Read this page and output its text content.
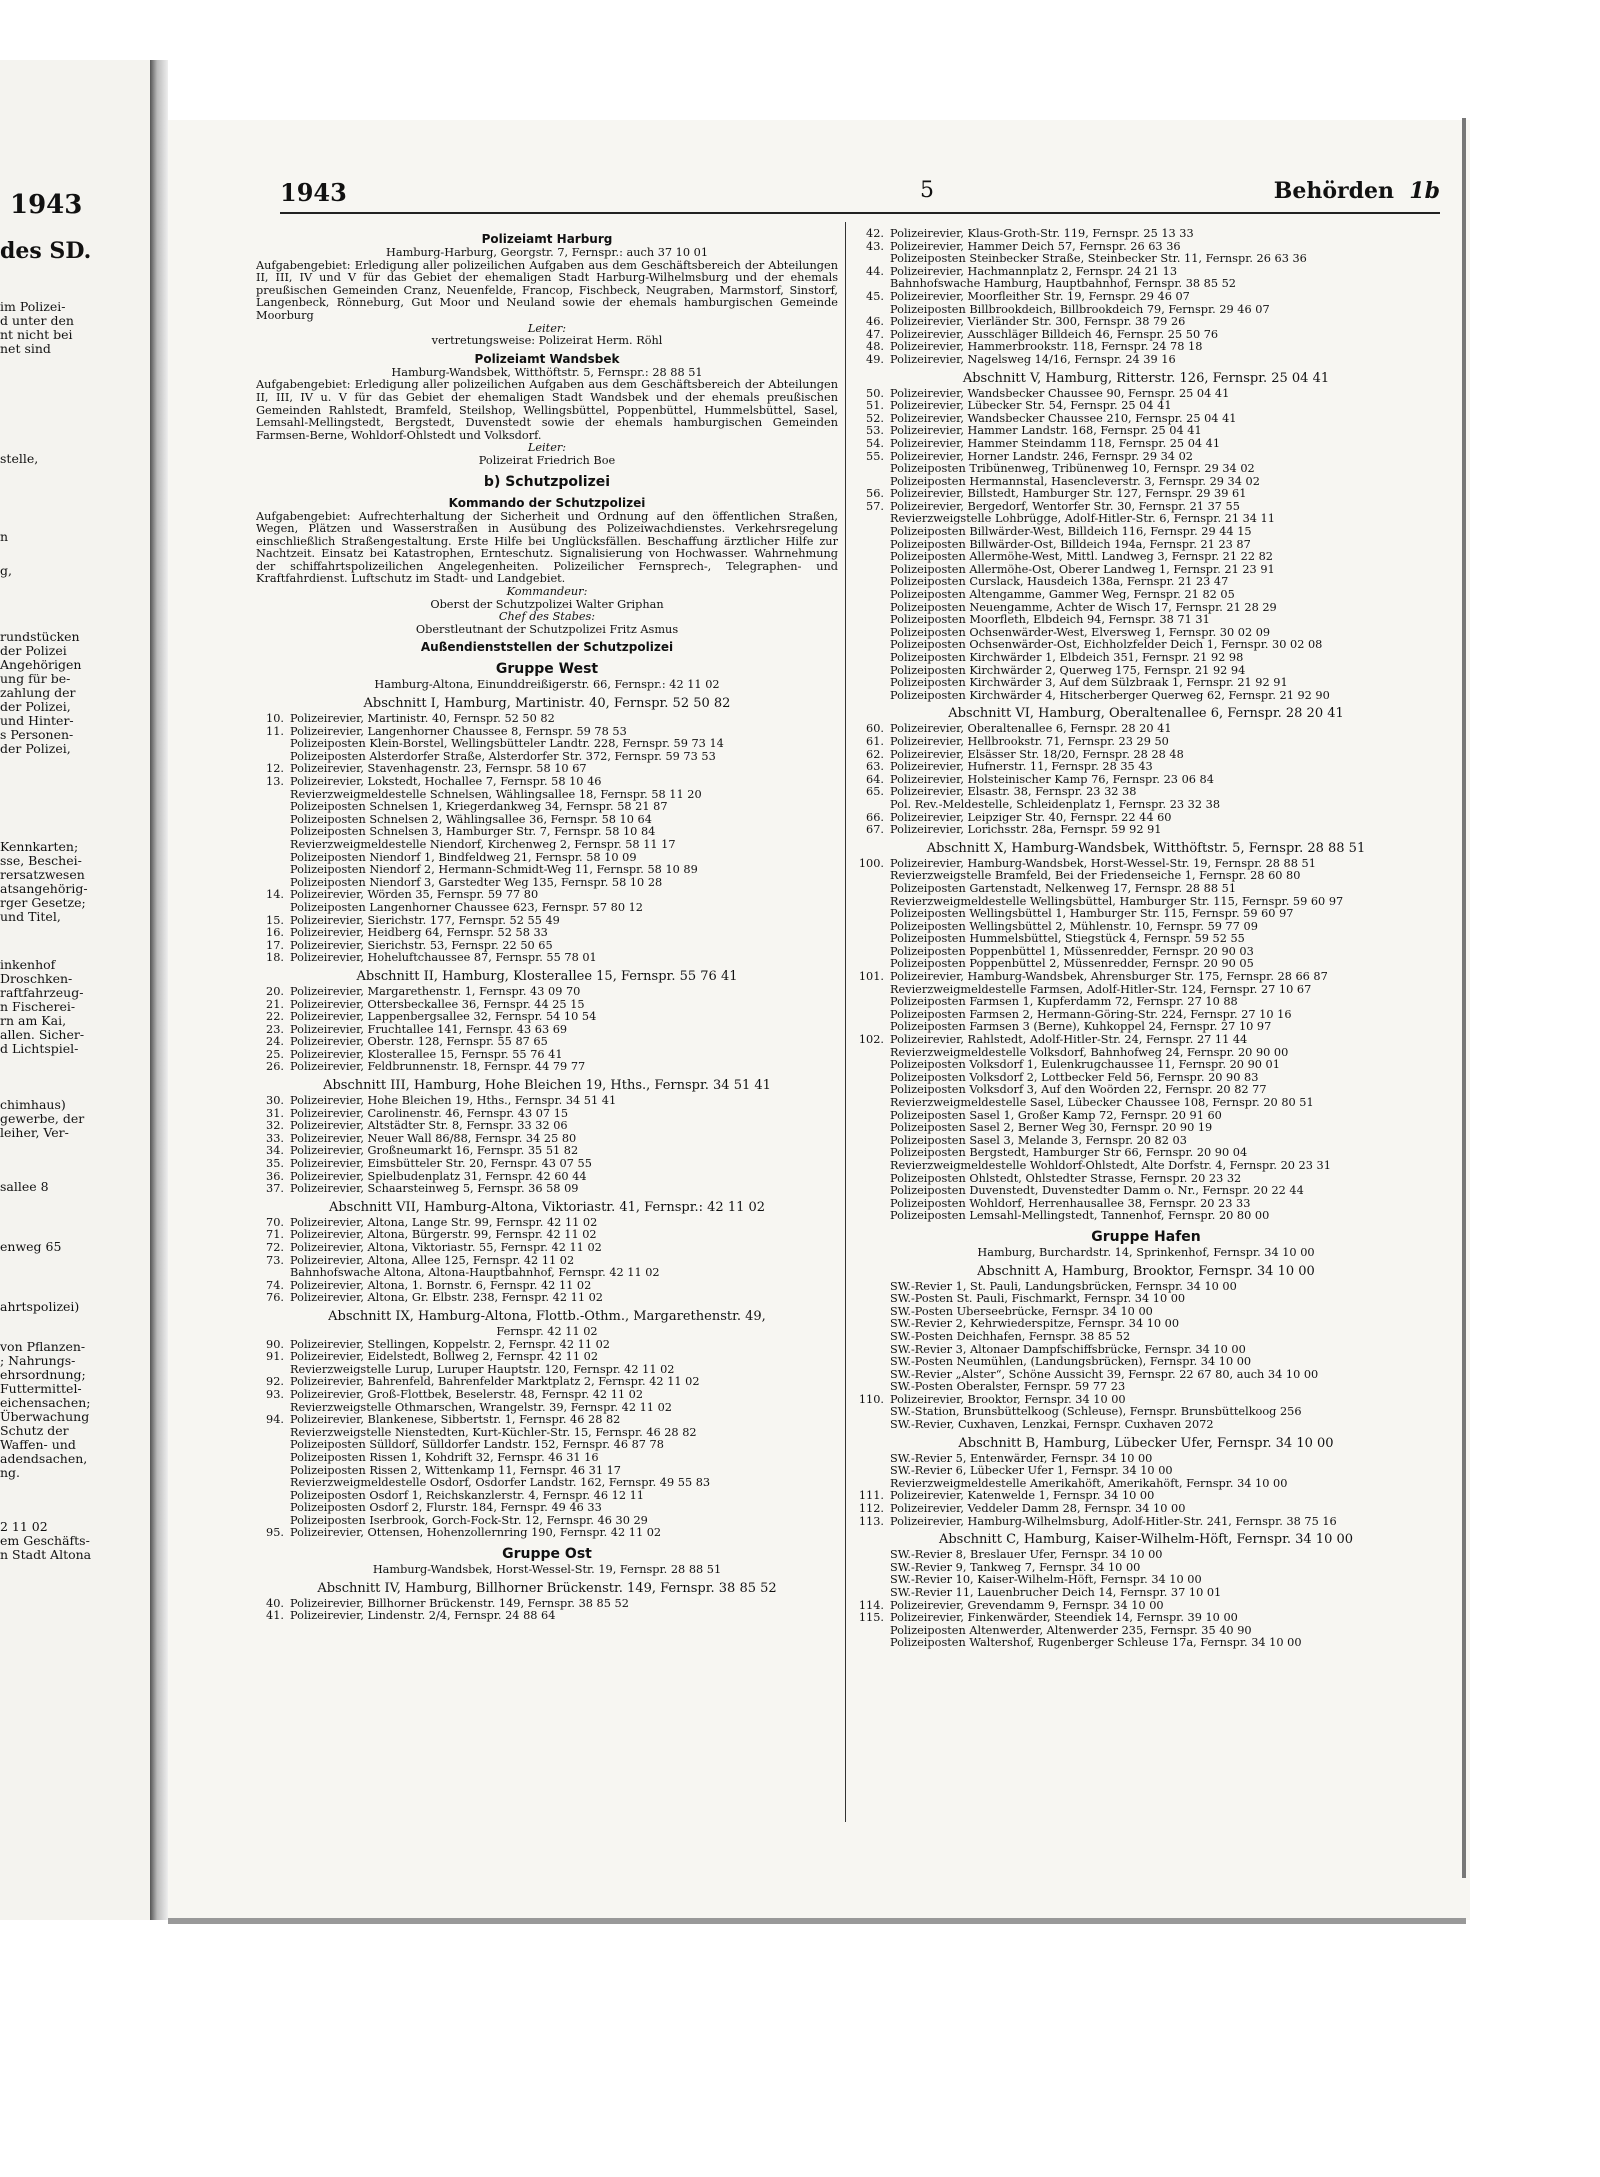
1943
des SD.
im Polizei-
d unter den
nt nicht bei
net sind
stelle,
n
g,
rundstücken
der Polizei
Angehörigen
ung für be-
zahlung der
der Polizei,
und Hinter-
s Personen-
der Polizei,
Kennkarten;
sse, Beschei-
rersatzwesen
atsangehörig-
rger Gesetze;
und Titel,
inkenhof
Droschken-
raftfahrzeug-
n Fischerei-
rn am Kai,
allen. Sicher-
d Lichtspiel-
chimhaus)
gewerbe, der
leiher, Ver-
sallee 8
enweg 65
ahrtspolizei)
von Pflanzen-
; Nahrungs-
ehrsordnung;
Futtermittel-
eichensachen;
Überwachung
Schutz der
Waffen- und
adendsachen,
ng.
2 11 02
em Geschäfts-
n Stadt Altona
1943	5	Behörden 1b
Polizeiamt Harburg
Hamburg-Harburg, Georgstr. 7, Fernspr.: auch 37 10 01
Aufgabengebiet: Erledigung aller polizeilichen Aufgaben aus dem Geschäftsbereich der Abteilungen II, III, IV und V für das Gebiet der ehemaligen Stadt Harburg-Wilhelmsburg und der ehemals preußischen Gemeinden Cranz, Neuenfelde, Francop, Fischbeck, Neugraben, Marmstorf, Sinstorf, Langenbeck, Rönneburg, Gut Moor und Neuland sowie der ehemals hamburgischen Gemeinde Moorburg
Leiter:
vertretungsweise: Polizeirat Herm. Röhl
Polizeiamt Wandsbek
Hamburg-Wandsbek, Witthöftstr. 5, Fernspr.: 28 88 51
Aufgabengebiet: Erledigung aller polizeilichen Aufgaben aus dem Geschäftsbereich der Abteilungen II, III, IV u. V für das Gebiet der ehemaligen Stadt Wandsbek und der ehemals preußischen Gemeinden Rahlstedt, Bramfeld, Steilshop, Wellingsbüttel, Poppenbüttel, Hummelsbüttel, Sasel, Lemsahl-Mellingstedt, Bergstedt, Duvenstedt sowie der ehemals hamburgischen Gemeinden Farmsen-Berne, Wohldorf-Ohlstedt und Volksdorf.
Leiter:
Polizeirat Friedrich Boe
b) Schutzpolizei
Kommando der Schutzpolizei
Aufgabengebiet: Aufrechterhaltung der Sicherheit und Ordnung auf den öffentlichen Straßen, Wegen, Plätzen und Wasserstraßen in Ausübung des Polizeiwachdienstes. Verkehrsregelung einschließlich Straßengestaltung. Erste Hilfe bei Unglücksfällen. Beschaffung ärztlicher Hilfe zur Nachtzeit. Einsatz bei Katastrophen, Ernteschutz. Signalisierung von Hochwasser. Wahrnehmung der schiffahrtspolizeilichen Angelegenheiten. Polizeilicher Fernsprech-, Telegraphen- und Kraftfahrdienst. Luftschutz im Stadt- und Landgebiet.
Kommandeur:
Oberst der Schutzpolizei Walter Griphan
Chef des Stabes:
Oberstleutnant der Schutzpolizei Fritz Asmus
Außendienststellen der Schutzpolizei
Gruppe West
Hamburg-Altona, Einunddreißigerstr. 66, Fernspr.: 42 11 02
Abschnitt I, Hamburg, Martinistr. 40, Fernspr. 52 50 82
10. Polizeirevier, Martinistr. 40, Fernspr. 52 50 82
11. Polizeirevier, Langenhorner Chaussee 8, Fernspr. 59 78 53
Polizeiposten Klein-Borstel, Wellingsbütteler Landtr. 228, Fernspr. 59 73 14
Polizeiposten Alsterdorfer Straße, Alsterdorfer Str. 372, Fernspr. 59 73 53
12. Polizeirevier, Stavenhagenstr. 23, Fernspr. 58 10 67
13. Polizeirevier, Lokstedt, Hochallee 7, Fernspr. 58 10 46
Revierzweigmeldestelle Schnelsen, Wählingsallee 18, Fernspr. 58 11 20
Polizeiposten Schnelsen 1, Kriegerdankweg 34, Fernspr. 58 21 87
Polizeiposten Schnelsen 2, Wählingsallee 36, Fernspr. 58 10 64
Polizeiposten Schnelsen 3, Hamburger Str. 7, Fernspr. 58 10 84
Revierzweigmeldestelle Niendorf, Kirchenweg 2, Fernspr. 58 11 17
Polizeiposten Niendorf 1, Bindfeldweg 21, Fernspr. 58 10 09
Polizeiposten Niendorf 2, Hermann-Schmidt-Weg 11, Fernspr. 58 10 89
Polizeiposten Niendorf 3, Garstedter Weg 135, Fernspr. 58 10 28
14. Polizeirevier, Wörden 35, Fernspr. 59 77 80
Polizeiposten Langenhorner Chaussee 623, Fernspr. 57 80 12
15. Polizeirevier, Sierichstr. 177, Fernspr. 52 55 49
16. Polizeirevier, Heidberg 64, Fernspr. 52 58 33
17. Polizeirevier, Sierichstr. 53, Fernspr. 22 50 65
18. Polizeirevier, Hoheluftchaussee 87, Fernspr. 55 78 01
Abschnitt II, Hamburg, Klosterallee 15, Fernspr. 55 76 41
20. Polizeirevier, Margarethenstr. 1, Fernspr. 43 09 70
21. Polizeirevier, Ottersbeckallee 36, Fernspr. 44 25 15
22. Polizeirevier, Lappenbergsallee 32, Fernspr. 54 10 54
23. Polizeirevier, Fruchtallee 141, Fernspr. 43 63 69
24. Polizeirevier, Oberstr. 128, Fernspr. 55 87 65
25. Polizeirevier, Klosterallee 15, Fernspr. 55 76 41
26. Polizeirevier, Feldbrunnenstr. 18, Fernspr. 44 79 77
Abschnitt III, Hamburg, Hohe Bleichen 19, Hths., Fernspr. 34 51 41
30. Polizeirevier, Hohe Bleichen 19, Hths., Fernspr. 34 51 41
31. Polizeirevier, Carolinenstr. 46, Fernspr. 43 07 15
32. Polizeirevier, Altstädter Str. 8, Fernspr. 33 32 06
33. Polizeirevier, Neuer Wall 86/88, Fernspr. 34 25 80
34. Polizeirevier, Großneumarkt 16, Fernspr. 35 51 82
35. Polizeirevier, Eimsbütteler Str. 20, Fernspr. 43 07 55
36. Polizeirevier, Spielbudenplatz 31, Fernspr. 42 60 44
37. Polizeirevier, Schaarsteinweg 5, Fernspr. 36 58 09
Abschnitt VII, Hamburg-Altona, Viktoriastr. 41, Fernspr.: 42 11 02
70. Polizeirevier, Altona, Lange Str. 99, Fernspr. 42 11 02
71. Polizeirevier, Altona, Bürgerstr. 99, Fernspr. 42 11 02
72. Polizeirevier, Altona, Viktoriastr. 55, Fernspr. 42 11 02
73. Polizeirevier, Altona, Allee 125, Fernspr. 42 11 02
Bahnhofswache Altona, Altona-Hauptbahnhof, Fernspr. 42 11 02
74. Polizeirevier, Altona, 1. Bornstr. 6, Fernspr. 42 11 02
76. Polizeirevier, Altona, Gr. Elbstr. 238, Fernspr. 42 11 02
Abschnitt IX, Hamburg-Altona, Flottb.-Othm., Margarethenstr. 49,
Fernspr. 42 11 02
90. Polizeirevier, Stellingen, Koppelstr. 2, Fernspr. 42 11 02
91. Polizeirevier, Eidelstedt, Bollweg 2, Fernspr. 42 11 02
Revierzweigstelle Lurup, Luruper Hauptstr. 120, Fernspr. 42 11 02
92. Polizeirevier, Bahrenfeld, Bahrenfelder Marktplatz 2, Fernspr. 42 11 02
93. Polizeirevier, Groß-Flottbek, Beselerstr. 48, Fernspr. 42 11 02
Revierzweigstelle Othmarschen, Wrangelstr. 39, Fernspr. 42 11 02
94. Polizeirevier, Blankenese, Sibbertstr. 1, Fernspr. 46 28 82
Revierzweigstelle Nienstedten, Kurt-Küchler-Str. 15, Fernspr. 46 28 82
Polizeiposten Sülldorf, Sülldorfer Landstr. 152, Fernspr. 46 87 78
Polizeiposten Rissen 1, Kohdrift 32, Fernspr. 46 31 16
Polizeiposten Rissen 2, Wittenkamp 11, Fernspr. 46 31 17
Revierzweigmeldestelle Osdorf, Osdorfer Landstr. 162, Fernspr. 49 55 83
Polizeiposten Osdorf 1, Reichskanzlerstr. 4, Fernspr. 46 12 11
Polizeiposten Osdorf 2, Flurstr. 184, Fernspr. 49 46 33
Polizeiposten Iserbrook, Gorch-Fock-Str. 12, Fernspr. 46 30 29
95. Polizeirevier, Ottensen, Hohenzollernring 190, Fernspr. 42 11 02
Gruppe Ost
Hamburg-Wandsbek, Horst-Wessel-Str. 19, Fernspr. 28 88 51
Abschnitt IV, Hamburg, Billhorner Brückenstr. 149, Fernspr. 38 85 52
40. Polizeirevier, Billhorner Brückenstr. 149, Fernspr. 38 85 52
41. Polizeirevier, Lindenstr. 2/4, Fernspr. 24 88 64
42. Polizeirevier, Klaus-Groth-Str. 119, Fernspr. 25 13 33
43. Polizeirevier, Hammer Deich 57, Fernspr. 26 63 36
Polizeiposten Steinbecker Straße, Steinbecker Str. 11, Fernspr. 26 63 36
44. Polizeirevier, Hachmannplatz 2, Fernspr. 24 21 13
Bahnhofswache Hamburg, Hauptbahnhof, Fernspr. 38 85 52
45. Polizeirevier, Moorfleither Str. 19, Fernspr. 29 46 07
Polizeiposten Billbrookdeich, Billbrookdeich 79, Fernspr. 29 46 07
46. Polizeirevier, Vierländer Str. 300, Fernspr. 38 79 26
47. Polizeirevier, Ausschläger Billdeich 46, Fernspr. 25 50 76
48. Polizeirevier, Hammerbrookstr. 118, Fernspr. 24 78 18
49. Polizeirevier, Nagelsweg 14/16, Fernspr. 24 39 16
Abschnitt V, Hamburg, Ritterstr. 126, Fernspr. 25 04 41
50. Polizeirevier, Wandsbecker Chaussee 90, Fernspr. 25 04 41
51. Polizeirevier, Lübecker Str. 54, Fernspr. 25 04 41
52. Polizeirevier, Wandsbecker Chaussee 210, Fernspr. 25 04 41
53. Polizeirevier, Hammer Landstr. 168, Fernspr. 25 04 41
54. Polizeirevier, Hammer Steindamm 118, Fernspr. 25 04 41
55. Polizeirevier, Horner Landstr. 246, Fernspr. 29 34 02
Polizeiposten Tribünenweg, Tribünenweg 10, Fernspr. 29 34 02
Polizeiposten Hermannstal, Hasencleverstr. 3, Fernspr. 29 34 02
56. Polizeirevier, Billstedt, Hamburger Str. 127, Fernspr. 29 39 61
57. Polizeirevier, Bergedorf, Wentorfer Str. 30, Fernspr. 21 37 55
Revierzweigstelle Lohbrügge, Adolf-Hitler-Str. 6, Fernspr. 21 34 11
Polizeiposten Billwärder-West, Billdeich 116, Fernspr. 29 44 15
Polizeiposten Billwärder-Ost, Billdeich 194a, Fernspr. 21 23 87
Polizeiposten Allermöhe-West, Mittl. Landweg 3, Fernspr. 21 22 82
Polizeiposten Allermöhe-Ost, Oberer Landweg 1, Fernspr. 21 23 91
Polizeiposten Curslack, Hausdeich 138a, Fernspr. 21 23 47
Polizeiposten Altengamme, Gammer Weg, Fernspr. 21 82 05
Polizeiposten Neuengamme, Achter de Wisch 17, Fernspr. 21 28 29
Polizeiposten Moorfleth, Elbdeich 94, Fernspr. 38 71 31
Polizeiposten Ochsenwärder-West, Elversweg 1, Fernspr. 30 02 09
Polizeiposten Ochsenwärder-Ost, Eichholzfelder Deich 1, Fernspr. 30 02 08
Polizeiposten Kirchwärder 1, Elbdeich 351, Fernspr. 21 92 98
Polizeiposten Kirchwärder 2, Querweg 175, Fernspr. 21 92 94
Polizeiposten Kirchwärder 3, Auf dem Sülzbraak 1, Fernspr. 21 92 91
Polizeiposten Kirchwärder 4, Hitscherberger Querweg 62, Fernspr. 21 92 90
Abschnitt VI, Hamburg, Oberaltenallee 6, Fernspr. 28 20 41
60. Polizeirevier, Oberaltenallee 6, Fernspr. 28 20 41
61. Polizeirevier, Hellbrookstr. 71, Fernspr. 23 29 50
62. Polizeirevier, Elsässer Str. 18/20, Fernspr. 28 28 48
63. Polizeirevier, Hufnerstr. 11, Fernspr. 28 35 43
64. Polizeirevier, Holsteinischer Kamp 76, Fernspr. 23 06 84
65. Polizeirevier, Elsastr. 38, Fernspr. 23 32 38
Pol. Rev.-Meldestelle, Schleidenplatz 1, Fernspr. 23 32 38
66. Polizeirevier, Leipziger Str. 40, Fernspr. 22 44 60
67. Polizeirevier, Lorichsstr. 28a, Fernspr. 59 92 91
Abschnitt X, Hamburg-Wandsbek, Witthöftstr. 5, Fernspr. 28 88 51
100. Polizeirevier, Hamburg-Wandsbek, Horst-Wessel-Str. 19, Fernspr. 28 88 51
Revierzweigstelle Bramfeld, Bei der Friedenseiche 1, Fernspr. 28 60 80
Polizeiposten Gartenstadt, Nelkenweg 17, Fernspr. 28 88 51
Revierzweigmeldestelle Wellingsbüttel, Hamburger Str. 115, Fernspr. 59 60 97
Polizeiposten Wellingsbüttel 1, Hamburger Str. 115, Fernspr. 59 60 97
Polizeiposten Wellingsbüttel 2, Mühlenstr. 10, Fernspr. 59 77 09
Polizeiposten Hummelsbüttel, Stiegstück 4, Fernspr. 59 52 55
Polizeiposten Poppenbüttel 1, Müssenredder, Fernspr. 20 90 03
Polizeiposten Poppenbüttel 2, Müssenredder, Fernspr. 20 90 05
101. Polizeirevier, Hamburg-Wandsbek, Ahrensburger Str. 175, Fernspr. 28 66 87
Revierzweigmeldestelle Farmsen, Adolf-Hitler-Str. 124, Fernspr. 27 10 67
Polizeiposten Farmsen 1, Kupferdamm 72, Fernspr. 27 10 88
Polizeiposten Farmsen 2, Hermann-Göring-Str. 224, Fernspr. 27 10 16
Polizeiposten Farmsen 3 (Berne), Kuhkoppel 24, Fernspr. 27 10 97
102. Polizeirevier, Rahlstedt, Adolf-Hitler-Str. 24, Fernspr. 27 11 44
Revierzweigmeldestelle Volksdorf, Bahnhofweg 24, Fernspr. 20 90 00
Polizeiposten Volksdorf 1, Eulenkrugchaussee 11, Fernspr. 20 90 01
Polizeiposten Volksdorf 2, Lottbecker Feld 56, Fernspr. 20 90 83
Polizeiposten Volksdorf 3, Auf den Woörden 22, Fernspr. 20 82 77
Revierzweigmeldestelle Sasel, Lübecker Chaussee 108, Fernspr. 20 80 51
Polizeiposten Sasel 1, Großer Kamp 72, Fernspr. 20 91 60
Polizeiposten Sasel 2, Berner Weg 30, Fernspr. 20 90 19
Polizeiposten Sasel 3, Melande 3, Fernspr. 20 82 03
Polizeiposten Bergstedt, Hamburger Str 66, Fernspr. 20 90 04
Revierzweigmeldestelle Wohldorf-Ohlstedt, Alte Dorfstr. 4, Fernspr. 20 23 31
Polizeiposten Ohlstedt, Ohlstedter Strasse, Fernspr. 20 23 32
Polizeiposten Duvenstedt, Duvenstedter Damm o. Nr., Fernspr. 20 22 44
Polizeiposten Wohldorf, Herrenhausallee 38, Fernspr. 20 23 33
Polizeiposten Lemsahl-Mellingstedt, Tannenhof, Fernspr. 20 80 00
Gruppe Hafen
Hamburg, Burchardstr. 14, Sprinkenhof, Fernspr. 34 10 00
Abschnitt A, Hamburg, Brooktor, Fernspr. 34 10 00
SW.-Revier 1, St. Pauli, Landungsbrücken, Fernspr. 34 10 00
SW.-Posten St. Pauli, Fischmarkt, Fernspr. 34 10 00
SW.-Posten Überseebrücke, Fernspr. 34 10 00
SW.-Revier 2, Kehrwiederspitze, Fernspr. 34 10 00
SW.-Posten Deichhafen, Fernspr. 38 85 52
SW.-Revier 3, Altonaer Dampfschiffsbrücke, Fernspr. 34 10 00
SW.-Posten Neumühlen, (Landungsbrücken), Fernspr. 34 10 00
SW.-Revier „Alster“, Schöne Aussicht 39, Fernspr. 22 67 80, auch 34 10 00
SW.-Posten Oberalster, Fernspr. 59 77 23
110. Polizeirevier, Brooktor, Fernspr. 34 10 00
SW.-Station, Brunsbüttelkoog (Schleuse), Fernspr. Brunsbüttelkoog 256
SW.-Revier, Cuxhaven, Lenzkai, Fernspr. Cuxhaven 2072
Abschnitt B, Hamburg, Lübecker Ufer, Fernspr. 34 10 00
SW.-Revier 5, Entenwärder, Fernspr. 34 10 00
SW.-Revier 6, Lübecker Ufer 1, Fernspr. 34 10 00
Revierzweigmeldestelle Amerikahöft, Amerikahöft, Fernspr. 34 10 00
111. Polizeirevier, Katenwelde 1, Fernspr. 34 10 00
112. Polizeirevier, Veddeler Damm 28, Fernspr. 34 10 00
113. Polizeirevier, Hamburg-Wilhelmsburg, Adolf-Hitler-Str. 241, Fernspr. 38 75 16
Abschnitt C, Hamburg, Kaiser-Wilhelm-Höft, Fernspr. 34 10 00
SW.-Revier 8, Breslauer Ufer, Fernspr. 34 10 00
SW.-Revier 9, Tankweg 7, Fernspr. 34 10 00
SW.-Revier 10, Kaiser-Wilhelm-Höft, Fernspr. 34 10 00
SW.-Revier 11, Lauenbrucher Deich 14, Fernspr. 37 10 01
114. Polizeirevier, Grevendamm 9, Fernspr. 34 10 00
115. Polizeirevier, Finkenwärder, Steendiek 14, Fernspr. 39 10 00
Polizeiposten Altenwerder, Altenwerder 235, Fernspr. 35 40 90
Polizeiposten Waltershof, Rugenberger Schleuse 17a, Fernspr. 34 10 00
